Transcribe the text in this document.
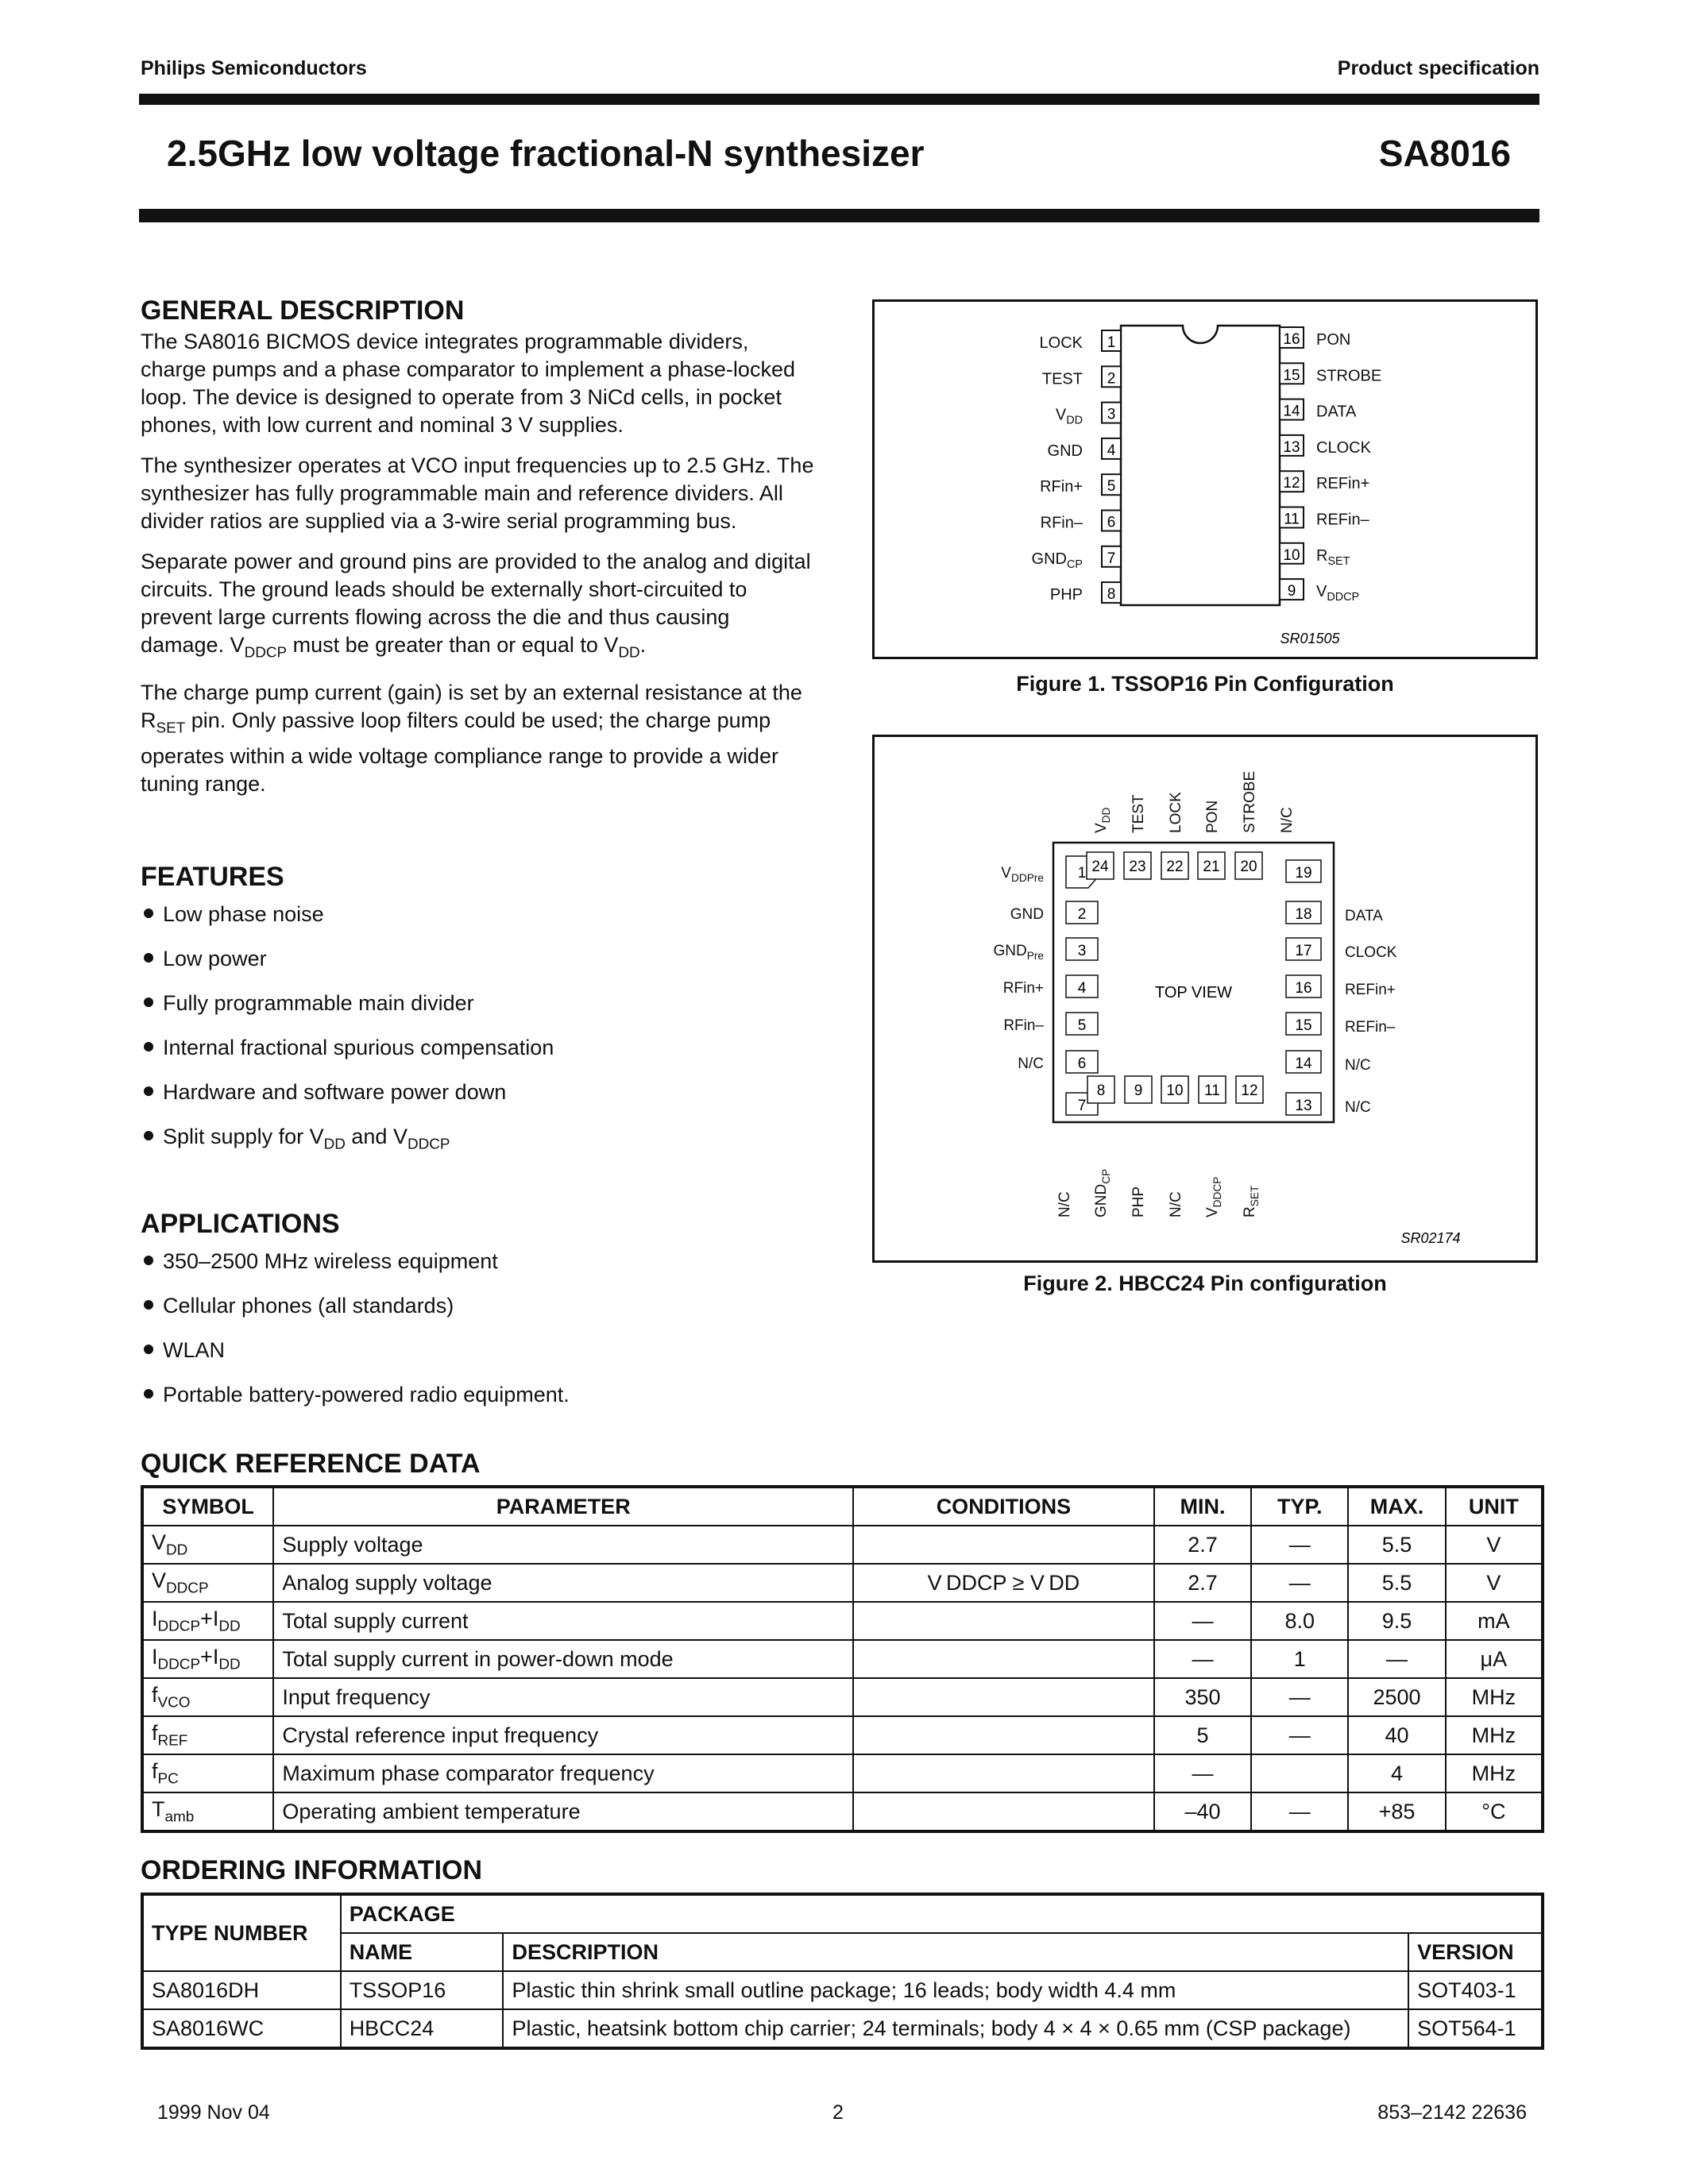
Philips Semiconductors	Product specification
2.5GHz low voltage fractional-N synthesizer	SA8016
GENERAL DESCRIPTION

The SA8016 BICMOS device integrates programmable dividers, charge pumps and a phase comparator to implement a phase-locked loop. The device is designed to operate from 3 NiCd cells, in pocket phones, with low current and nominal 3 V supplies.

The synthesizer operates at VCO input frequencies up to 2.5 GHz. The synthesizer has fully programmable main and reference dividers. All divider ratios are supplied via a 3-wire serial programming bus.

Separate power and ground pins are provided to the analog and digital circuits. The ground leads should be externally short-circuited to prevent large currents flowing across the die and thus causing damage. $V_{DDCP}$ must be greater than or equal to $V_{DD}$.

The charge pump current (gain) is set by an external resistance at the $R_{SET}$ pin. Only passive loop filters could be used; the charge pump operates within a wide voltage compliance range to provide a wider tuning range.

FEATURES
Low phase noise
Low power
Fully programmable main divider
Internal fractional spurious compensation
Hardware and software power down
Split supply for $V_{DD}$ and $V_{DDCP}$
APPLICATIONS
350–2500 MHz wireless equipment
Cellular phones (all standards)
WLAN
Portable battery-powered radio equipment.
1
LOCK
2
TEST
3
$V_{DD}$
4
GND
5
RFin+
6
RFin–
7
$GND_{CP}$
8
PHP
16 PON
15 STROBE
14 DATA
13 CLOCK
12 REFin+
11 REFin–
10 $R_{SET}$
9 $V_{DDCP}$
SR01505
Figure 1. TSSOP16 Pin Configuration
TOP VIEW
1
$V_{DDPre}$
2
GND
3
$GND_{Pre}$
4
RFin+
5
RFin–
6
N/C
7
19
18 DATA
17 CLOCK
16 REFin+
15 REFin–
14 N/C
13 N/C
24 23 22 21 20
$V_{DD}$ TEST LOCK PON STROBE N/C
8 9 10 11 12
N/C $GND_{CP}$
PHP N/C $V_{DDCP}$
$R_{SET}$
SR02174
Figure 2. HBCC24 Pin configuration
QUICK REFERENCE DATA
SYMBOL	PARAMETER	CONDITIONS	MIN.	TYP.	MAX.	UNIT
$V_{DD}$	Supply voltage		2.7	—	5.5	V
$V_{DDCP}$	Analog supply voltage	V DDCP ≥ V DD	2.7	—	5.5	V
$I_{DDCP}+I_{DD}$	Total supply current		—	8.0	9.5	mA
$I_{DDCP}+I_{DD}$	Total supply current in power-down mode		—	1	—	μA
$f_{VCO}$	Input frequency		350	—	2500	MHz
$f_{REF}$	Crystal reference input frequency		5	—	40	MHz
$f_{PC}$	Maximum phase comparator frequency		—		4	MHz
$T_{amb}$	Operating ambient temperature		–40	—	+85	°C
ORDERING INFORMATION
TYPE NUMBER	PACKAGE		
	NAME	DESCRIPTION	VERSION
SA8016DH	TSSOP16	Plastic thin shrink small outline package; 16 leads; body width 4.4 mm	SOT403-1
SA8016WC	HBCC24	Plastic, heatsink bottom chip carrier; 24 terminals; body 4 × 4 × 0.65 mm (CSP package)	SOT564-1
1999 Nov 04	2	853–2142 22636
